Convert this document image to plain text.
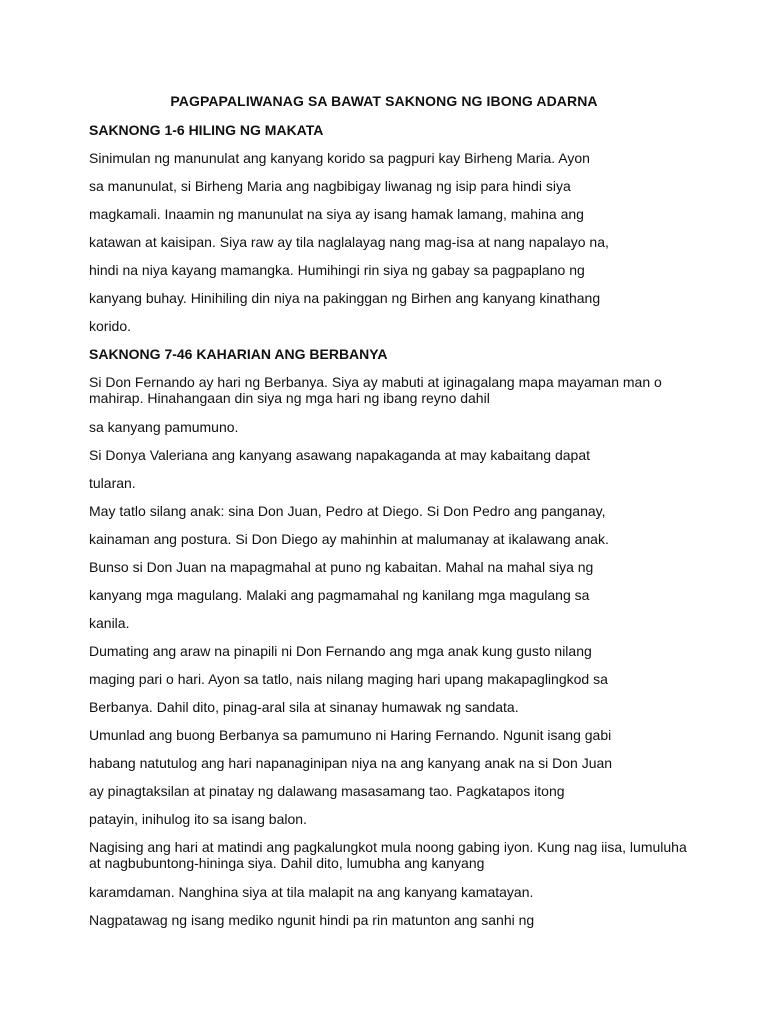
PAGPAPALIWANAG SA BAWAT SAKNONG NG IBONG ADARNA
SAKNONG 1-6 HILING NG MAKATA
Sinimulan ng manunulat ang kanyang korido sa pagpuri kay Birheng Maria. Ayon
sa manunulat, si Birheng Maria ang nagbibigay liwanag ng isip para hindi siya
magkamali. Inaamin ng manunulat na siya ay isang hamak lamang, mahina ang
katawan at kaisipan. Siya raw ay tila naglalayag nang mag-isa at nang napalayo na,
hindi na niya kayang mamangka. Humihingi rin siya ng gabay sa pagpaplano ng
kanyang buhay. Hinihiling din niya na pakinggan ng Birhen ang kanyang kinathang
korido.
SAKNONG 7-46 KAHARIAN ANG BERBANYA
Si Don Fernando ay hari ng Berbanya. Siya ay mabuti at iginagalang mapa mayaman man o mahirap. Hinahangaan din siya ng mga hari ng ibang reyno dahil
sa kanyang pamumuno.
Si Donya Valeriana ang kanyang asawang napakaganda at may kabaitang dapat
tularan.
May tatlo silang anak: sina Don Juan, Pedro at Diego. Si Don Pedro ang panganay,
kainaman ang postura. Si Don Diego ay mahinhin at malumanay at ikalawang anak.
Bunso si Don Juan na mapagmahal at puno ng kabaitan. Mahal na mahal siya ng
kanyang mga magulang. Malaki ang pagmamahal ng kanilang mga magulang sa
kanila.
Dumating ang araw na pinapili ni Don Fernando ang mga anak kung gusto nilang
maging pari o hari. Ayon sa tatlo, nais nilang maging hari upang makapaglingkod sa
Berbanya. Dahil dito, pinag-aral sila at sinanay humawak ng sandata.
Umunlad ang buong Berbanya sa pamumuno ni Haring Fernando. Ngunit isang gabi
habang natutulog ang hari napanaginipan niya na ang kanyang anak na si Don Juan
ay pinagtaksilan at pinatay ng dalawang masasamang tao. Pagkatapos itong
patayin, inihulog ito sa isang balon.
Nagising ang hari at matindi ang pagkalungkot mula noong gabing iyon. Kung nag iisa, lumuluha at nagbubuntong-hininga siya. Dahil dito, lumubha ang kanyang
karamdaman. Nanghina siya at tila malapit na ang kanyang kamatayan.
Nagpatawag ng isang mediko ngunit hindi pa rin matunton ang sanhi ng
